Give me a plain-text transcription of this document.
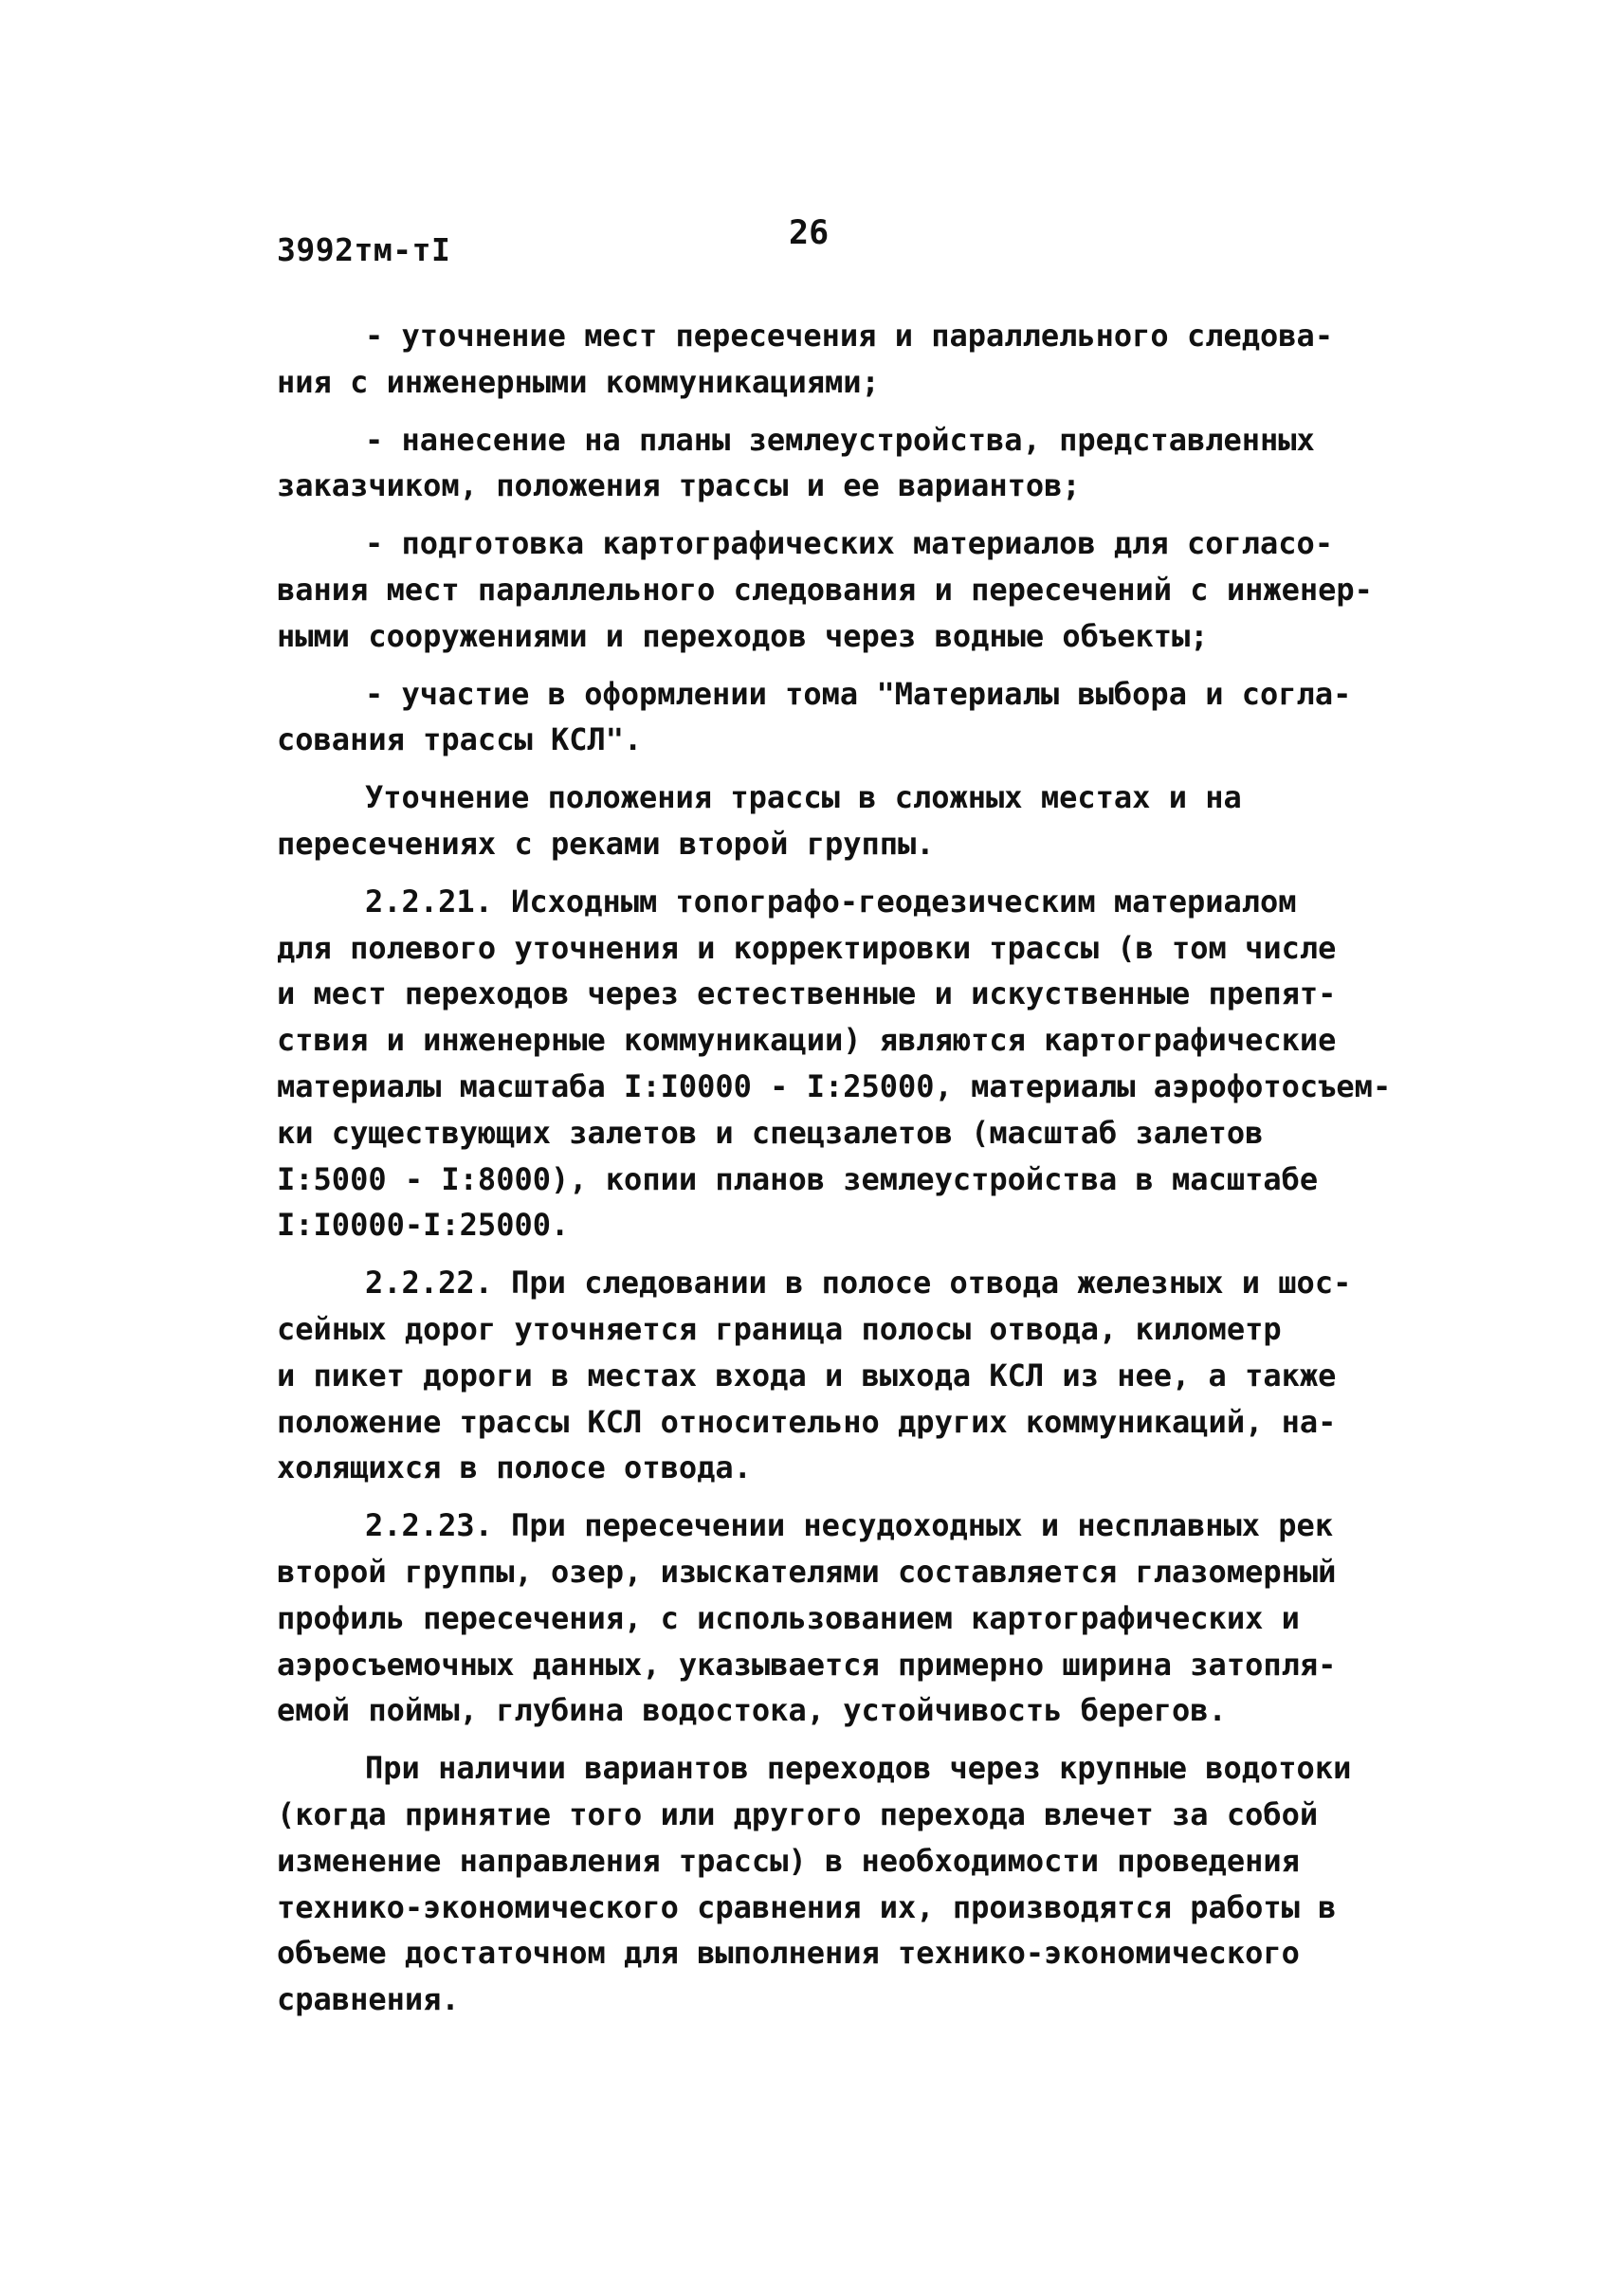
3992тм-тI	26
- уточнение мест пересечения и параллельного следова-
ния с инженерными коммуникациями;
- нанесение на планы землеустройства, представленных
заказчиком, положения трассы и ее вариантов;
- подготовка картографических материалов для согласо-
вания мест параллельного следования и пересечений с инженер-
ными сооружениями и переходов через водные объекты;
- участие в оформлении тома "Материалы выбора и согла-
сования трассы КСЛ".
Уточнение положения трассы в сложных местах и на
пересечениях с реками второй группы.
2.2.21. Исходным топографо-геодезическим материалом
для полевого уточнения и корректировки трассы (в том числе
и мест переходов через естественные и искуственные препят-
ствия и инженерные коммуникации) являются картографические
материалы масштаба I:I0000 - I:25000, материалы аэрофотосъем-
ки существующих залетов и спецзалетов (масштаб залетов
I:5000 - I:8000), копии планов землеустройства в масштабе
I:I0000-I:25000.
2.2.22. При следовании в полосе отвода железных и шос-
сейных дорог уточняется граница полосы отвода, километр
и пикет дороги в местах входа и выхода КСЛ из нее, а также
положение трассы КСЛ относительно других коммуникаций, на-
холящихся в полосе отвода.
2.2.23. При пересечении несудоходных и несплавных рек
второй группы, озер, изыскателями составляется глазомерный
профиль пересечения, с использованием картографических и
аэросъемочных данных, указывается примерно ширина затопля-
емой поймы, глубина водостока, устойчивость берегов.
При наличии вариантов переходов через крупные водотоки
(когда принятие того или другого перехода влечет за собой
изменение направления трассы) в необходимости проведения
технико-экономического сравнения их, производятся работы в
объеме достаточном для выполнения технико-экономического
сравнения.
